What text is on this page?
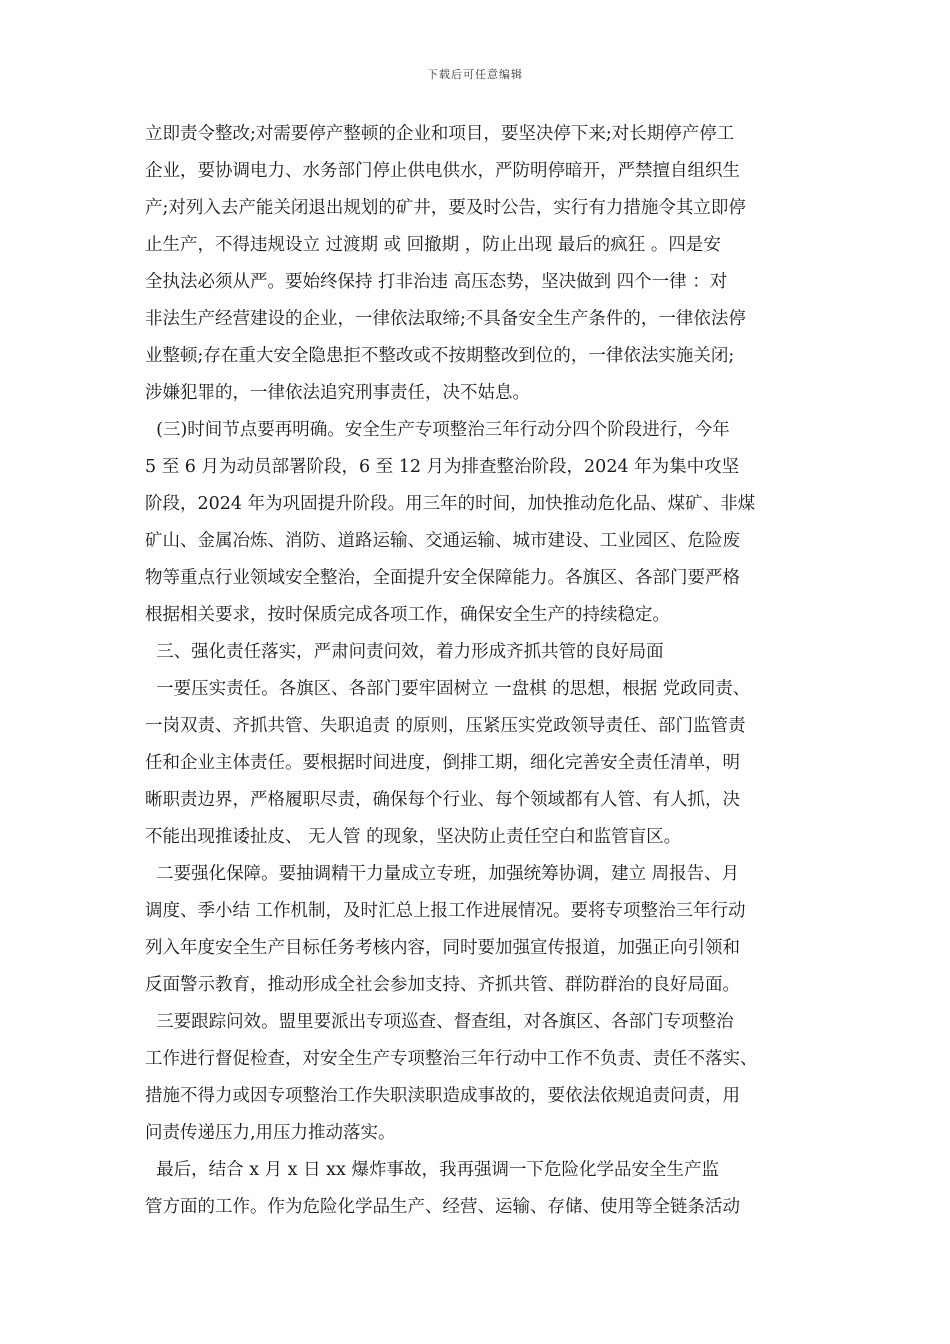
下载后可任意编辑
立即责令整改;对需要停产整顿的企业和项目，要坚决停下来;对长期停产停工
企业，要协调电力、水务部门停止供电供水，严防明停暗开，严禁擅自组织生
产;对列入去产能关闭退出规划的矿井，要及时公告，实行有力措施令其立即停
止生产，不得违规设立 过渡期 或 回撤期 ，防止出现 最后的疯狂 。四是安
全执法必须从严。要始终保持 打非治违 高压态势，坚决做到 四个一律 ：对
非法生产经营建设的企业，一律依法取缔;不具备安全生产条件的，一律依法停
业整顿;存在重大安全隐患拒不整改或不按期整改到位的，一律依法实施关闭;
涉嫌犯罪的，一律依法追究刑事责任，决不姑息。
(三)时间节点要再明确。安全生产专项整治三年行动分四个阶段进行，今年
5 至 6 月为动员部署阶段，6 至 12 月为排查整治阶段，2024 年为集中攻坚
阶段，2024 年为巩固提升阶段。用三年的时间，加快推动危化品、煤矿、非煤
矿山、金属冶炼、消防、道路运输、交通运输、城市建设、工业园区、危险废
物等重点行业领域安全整治，全面提升安全保障能力。各旗区、各部门要严格
根据相关要求，按时保质完成各项工作，确保安全生产的持续稳定。
三、强化责任落实，严肃问责问效，着力形成齐抓共管的良好局面
一要压实责任。各旗区、各部门要牢固树立 一盘棋 的思想，根据 党政同责、
一岗双责、齐抓共管、失职追责 的原则，压紧压实党政领导责任、部门监管责
任和企业主体责任。要根据时间进度，倒排工期，细化完善安全责任清单，明
晰职责边界，严格履职尽责，确保每个行业、每个领域都有人管、有人抓，决
不能出现推诿扯皮、 无人管 的现象，坚决防止责任空白和监管盲区。
二要强化保障。要抽调精干力量成立专班，加强统筹协调，建立 周报告、月
调度、季小结 工作机制，及时汇总上报工作进展情况。要将专项整治三年行动
列入年度安全生产目标任务考核内容，同时要加强宣传报道，加强正向引领和
反面警示教育，推动形成全社会参加支持、齐抓共管、群防群治的良好局面。
三要跟踪问效。盟里要派出专项巡查、督查组，对各旗区、各部门专项整治
工作进行督促检查，对安全生产专项整治三年行动中工作不负责、责任不落实、
措施不得力或因专项整治工作失职渎职造成事故的，要依法依规追责问责，用
问责传递压力,用压力推动落实。
最后，结合 x 月 x 日 xx 爆炸事故，我再强调一下危险化学品安全生产监
管方面的工作。作为危险化学品生产、经营、运输、存储、使用等全链条活动
